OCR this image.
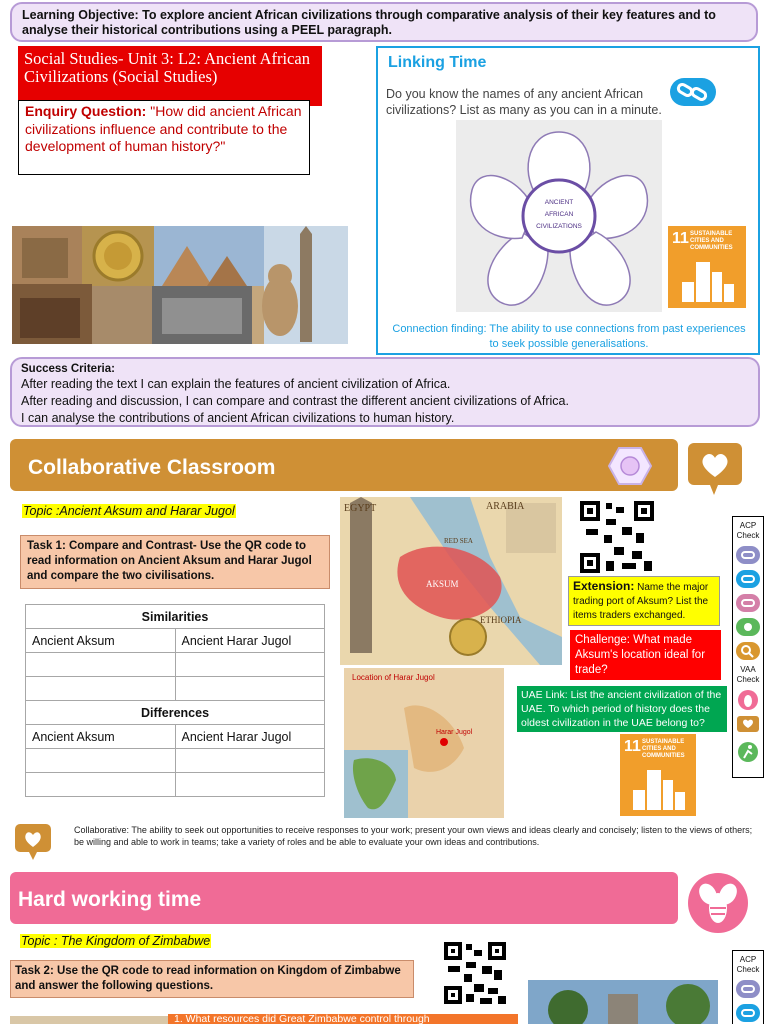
Learning Objective: To explore ancient African civilizations through comparative analysis of their key features and to analyse their historical contributions using a PEEL paragraph.
Social Studies- Unit 3: L2: Ancient African Civilizations (Social Studies)
Enquiry Question: "How did ancient African civilizations influence and contribute to the development of human history?"
Linking Time
Do you know the names of any ancient African civilizations? List as many as you can in a minute.
ANCIENT
AFRICAN
CIVILIZATIONS
11 SUSTAINABLE CITIES AND COMMUNITIES
Connection finding: The ability to use connections from past experiences to seek possible generalisations.
Success Criteria:
After reading the text I can explain the features of ancient civilization of Africa.
After reading and discussion, I can compare and contrast the different ancient civilizations of Africa.
I can analyse the contributions of ancient African civilizations to human history.
Collaborative Classroom
Topic :Ancient Aksum and Harar Jugol
Task 1: Compare and Contrast- Use the QR code to read information on Ancient Aksum and Harar Jugol and compare the two civilisations.
Similarities	
Ancient Aksum	Ancient Harar Jugol

Differences	
Ancient Aksum	Ancient Harar Jugol

EGYPT	ARABIA
RED SEA
AKSUM
ETHIOPIA
Location of Harar Jugol
Harar Jugol
Extension: Name the major trading port of Aksum? List the items traders exchanged.
Challenge: What made Aksum's location ideal for trade?
UAE Link: List the ancient civilization of the UAE. To which period of history does the oldest civilization in the UAE belong to?
11 SUSTAINABLE CITIES AND COMMUNITIES
ACP Check
VAA Check
Collaborative: The ability to seek out opportunities to receive responses to your work; present your own views and ideas clearly and concisely; listen to the views of others; be willing and able to work in teams; take a variety of roles and be able to evaluate your own ideas and contributions.
Hard working time
Topic : The Kingdom of Zimbabwe
Task 2: Use the QR code to read information on Kingdom of Zimbabwe and answer the following questions.
ACP Check
1. What resources did Great Zimbabwe control through
